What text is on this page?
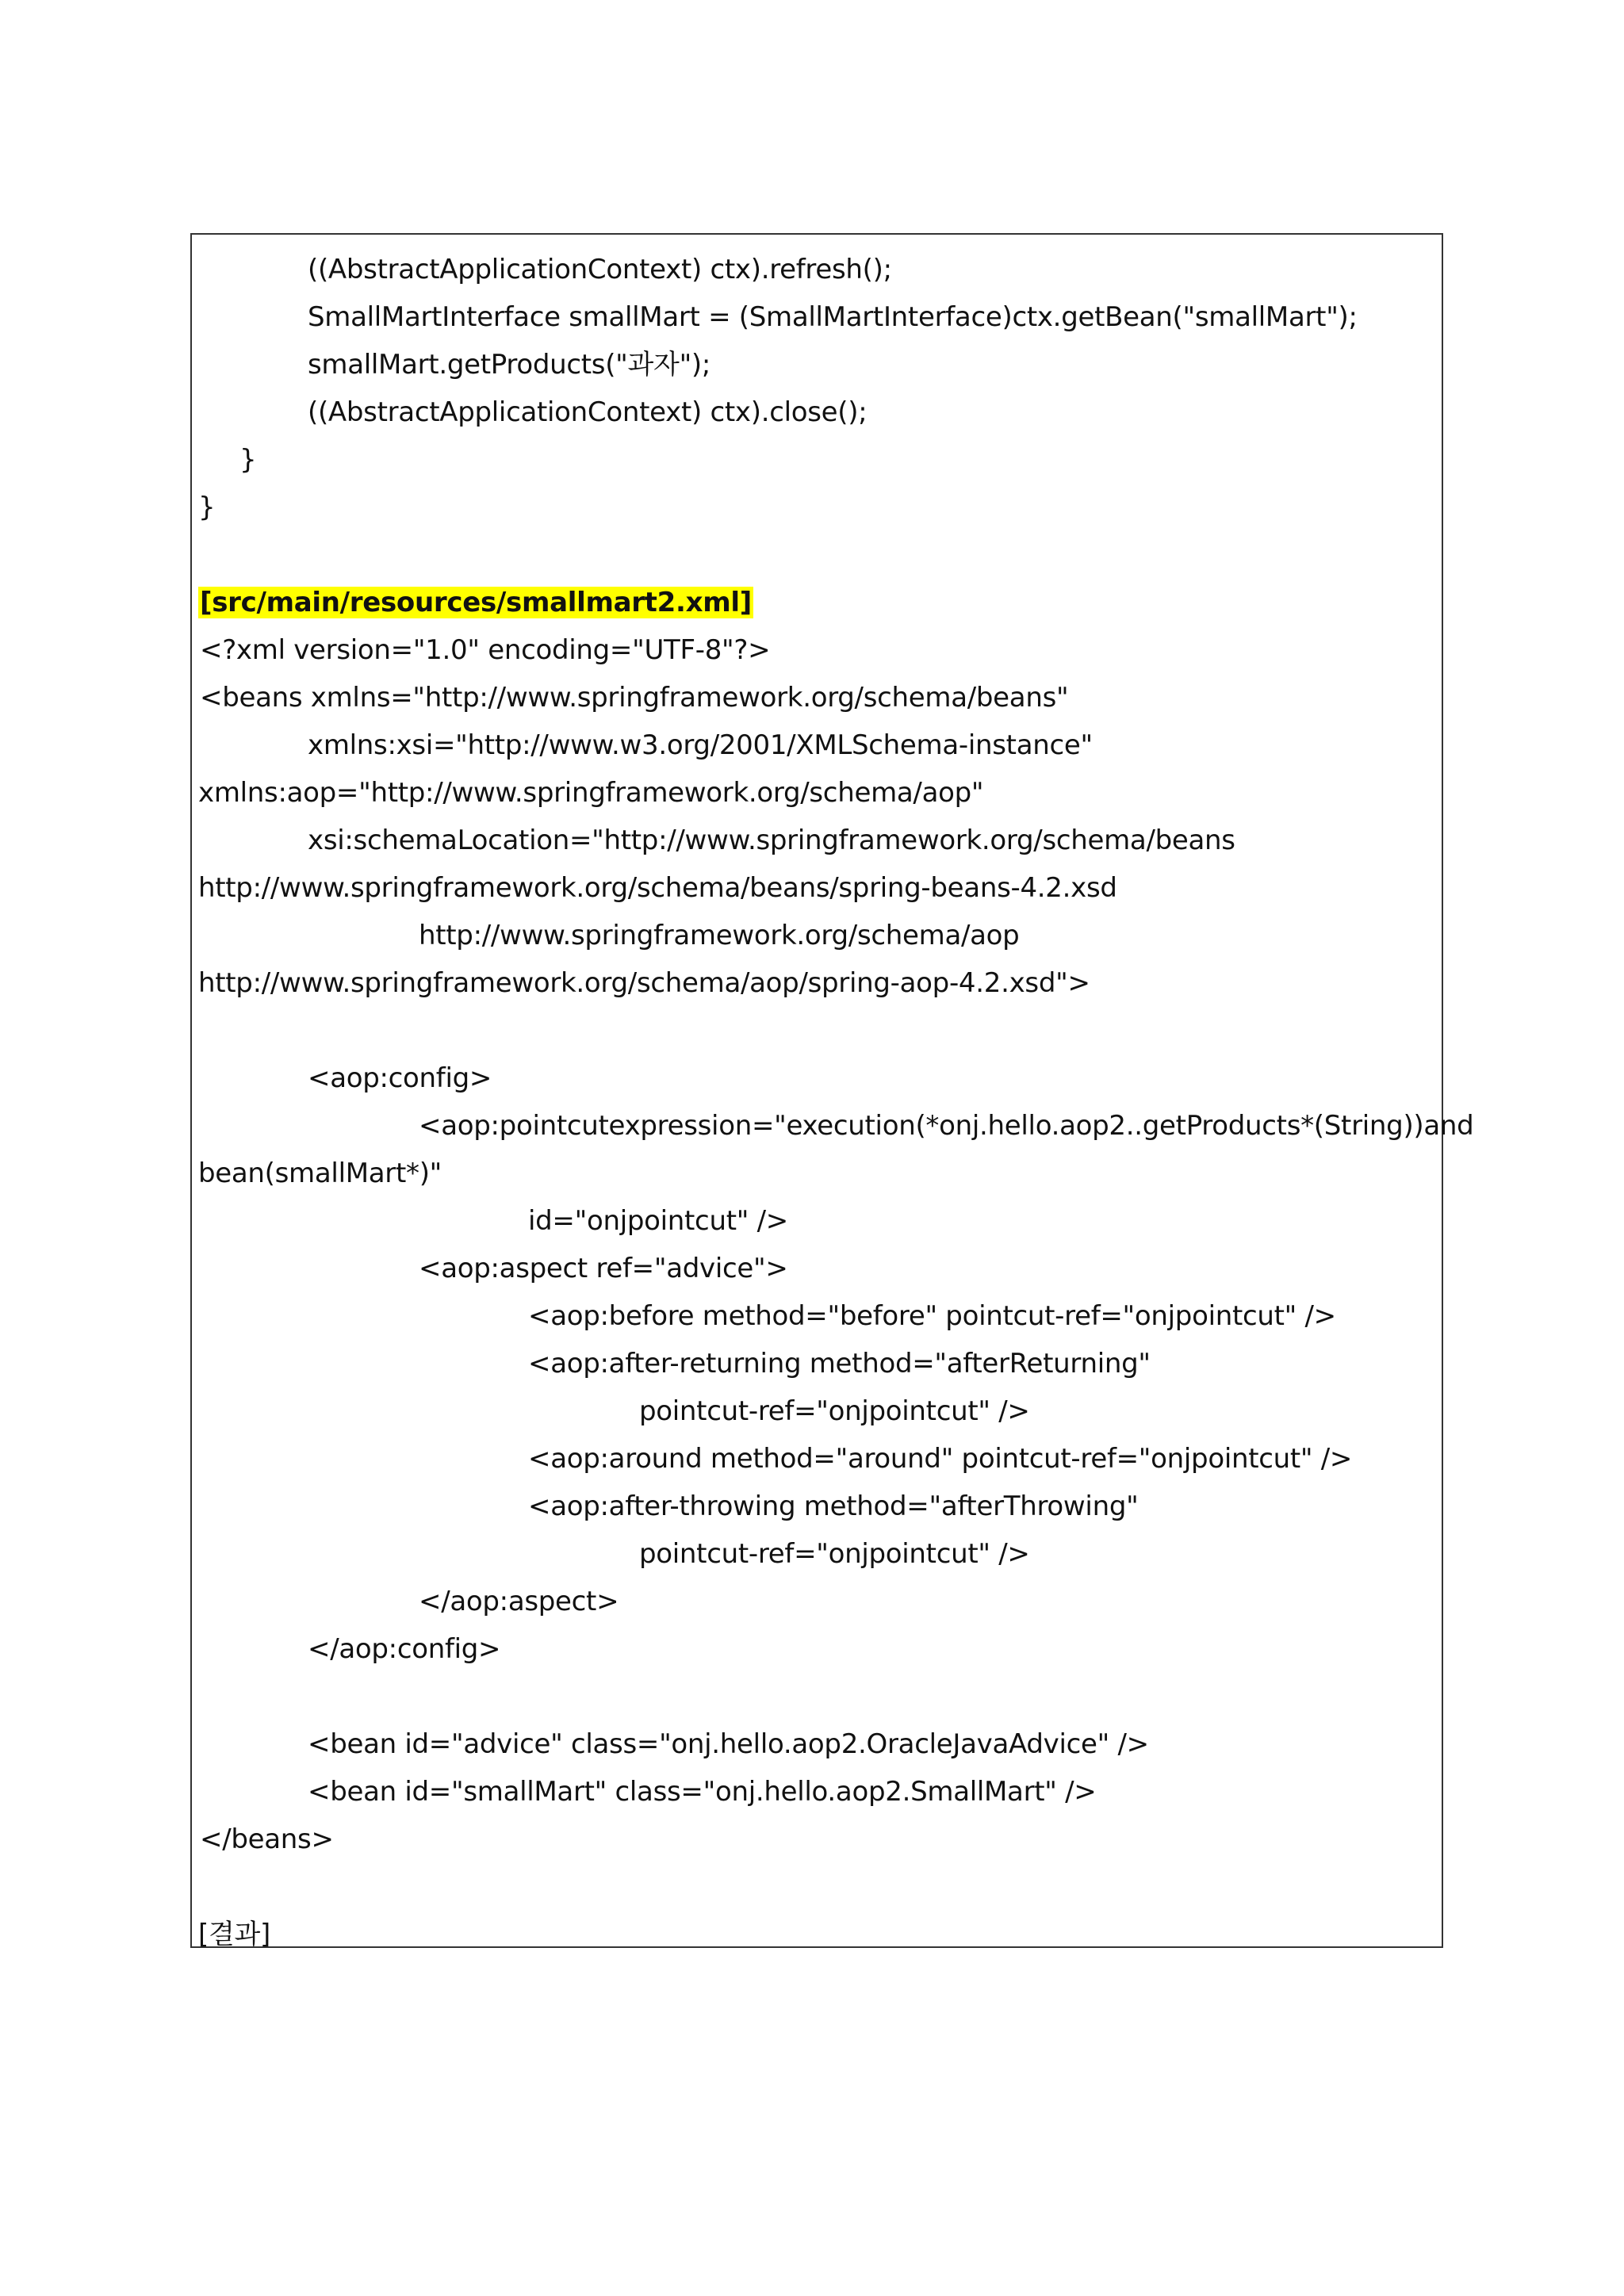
((AbstractApplicationContext) ctx).refresh();
SmallMartInterface smallMart = (SmallMartInterface)ctx.getBean("smallMart");
smallMart.getProducts("과자");
((AbstractApplicationContext) ctx).close();
}
}
[src/main/resources/smallmart2.xml]
<?xml version="1.0" encoding="UTF-8"?>
<beans xmlns="http://www.springframework.org/schema/beans"
xmlns:xsi="http://www.w3.org/2001/XMLSchema-instance"
xmlns:aop="http://www.springframework.org/schema/aop"
xsi:schemaLocation="http://www.springframework.org/schema/beans
http://www.springframework.org/schema/beans/spring-beans-4.2.xsd
http://www.springframework.org/schema/aop
http://www.springframework.org/schema/aop/spring-aop-4.2.xsd">
<aop:config>
<aop:pointcut expression="execution(* onj.hello.aop2..getProducts*(String)) and
bean(smallMart*)"
id="onjpointcut" />
<aop:aspect ref="advice">
<aop:before method="before" pointcut-ref="onjpointcut" />
<aop:after-returning method="afterReturning"
pointcut-ref="onjpointcut" />
<aop:around method="around" pointcut-ref="onjpointcut" />
<aop:after-throwing method="afterThrowing"
pointcut-ref="onjpointcut" />
</aop:aspect>
</aop:config>
<bean id="advice" class="onj.hello.aop2.OracleJavaAdvice" />
<bean id="smallMart" class="onj.hello.aop2.SmallMart" />
</beans>
[결과]
